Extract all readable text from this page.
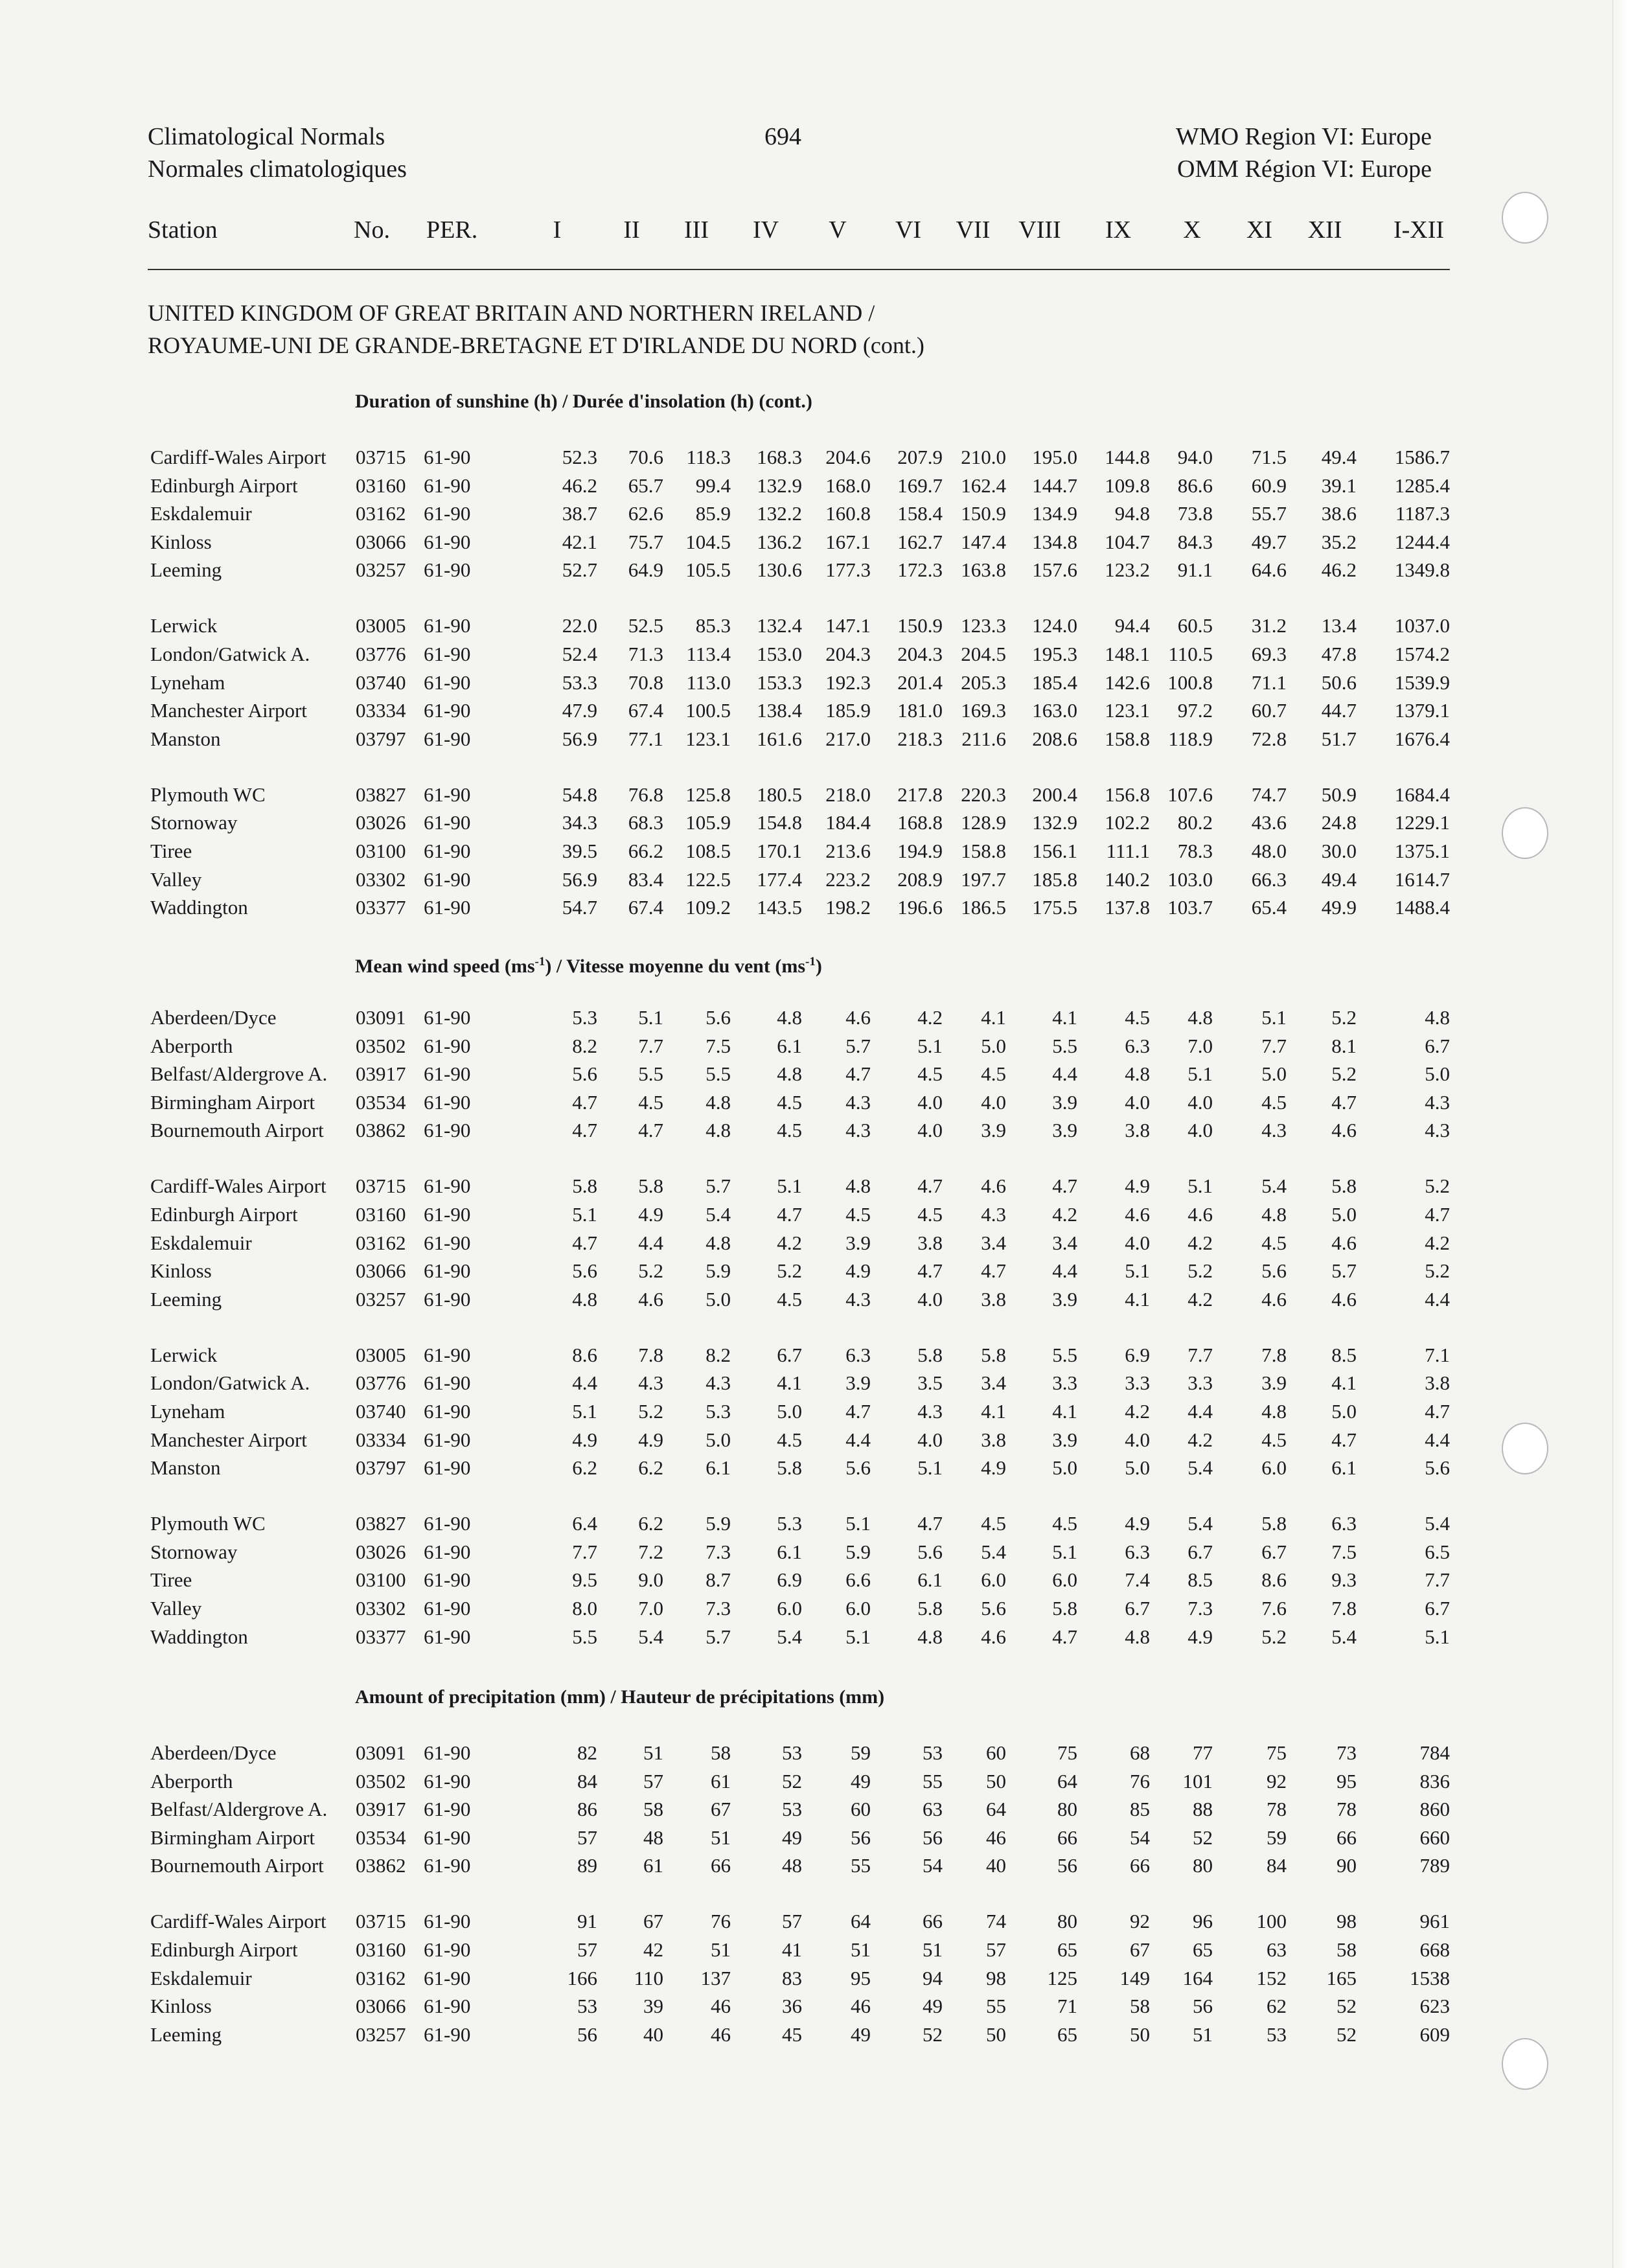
Climatological Normals
Normales climatologiques
694	WMO Region VI: Europe
OMM Région VI: Europe
Station	No. PER.	I	II	III	IV	V	VI	VII	VIII	IX	X	XI	XII	I-XII
UNITED KINGDOM OF GREAT BRITAIN AND NORTHERN IRELAND /
ROYAUME-UNI DE GRANDE-BRETAGNE ET D'IRLANDE DU NORD (cont.)
Duration of sunshine (h) / Durée d'insolation (h) (cont.)
Cardiff-Wales Airport 03715 61-90	52.3	70.6	118.3	168.3	204.6	207.9 210.0	195.0	144.8	94.0	71.5	49.4	1586.7
Edinburgh Airport	03160 61-90	46.2	65.7	99.4	132.9	168.0	169.7 162.4	144.7	109.8	86.6	60.9	39.1	1285.4
Eskdalemuir	03162 61-90	38.7	62.6	85.9	132.2	160.8	158.4 150.9	134.9	94.8	73.8	55.7	38.6	1187.3
Kinloss	03066 61-90	42.1	75.7	104.5	136.2	167.1	162.7 147.4	134.8	104.7	84.3	49.7	35.2	1244.4
Leeming	03257 61-90	52.7	64.9	105.5	130.6	177.3	172.3 163.8	157.6	123.2	91.1	64.6	46.2	1349.8
Lerwick	03005 61-90	22.0	52.5	85.3	132.4	147.1	150.9 123.3	124.0	94.4	60.5	31.2	13.4	1037.0
London/Gatwick A. 03776 61-90	52.4	71.3	113.4	153.0	204.3	204.3 204.5	195.3	148.1 110.5	69.3	47.8	1574.2
Lyneham	03740 61-90	53.3	70.8	113.0	153.3	192.3	201.4 205.3	185.4	142.6 100.8	71.1	50.6	1539.9
Manchester Airport 03334 61-90	47.9	67.4	100.5	138.4	185.9	181.0 169.3	163.0	123.1	97.2	60.7	44.7	1379.1
Manston	03797 61-90	56.9	77.1	123.1	161.6	217.0	218.3 211.6	208.6	158.8 118.9	72.8	51.7	1676.4
Plymouth WC	03827 61-90	54.8	76.8	125.8	180.5	218.0	217.8 220.3	200.4	156.8 107.6	74.7	50.9	1684.4
Stornoway	03026 61-90	34.3	68.3	105.9	154.8	184.4	168.8 128.9	132.9	102.2	80.2	43.6	24.8	1229.1
Tiree	03100 61-90	39.5	66.2	108.5	170.1	213.6	194.9 158.8	156.1	111.1	78.3	48.0	30.0	1375.1
Valley	03302 61-90	56.9	83.4	122.5	177.4	223.2	208.9 197.7	185.8	140.2 103.0	66.3	49.4	1614.7
Waddington	03377 61-90	54.7	67.4	109.2	143.5	198.2	196.6 186.5	175.5	137.8 103.7	65.4	49.9	1488.4
Mean wind speed $(ms^{-1})$ / Vitesse moyenne du vent $(ms^{-1})$
Aberdeen/Dyce	03091 61-90	5.3	5.1	5.6	4.8	4.6	4.2	4.1	4.1	4.5	4.8	5.1	5.2	4.8
Aberporth	03502 61-90	8.2	7.7	7.5	6.1	5.7	5.1	5.0	5.5	6.3	7.0	7.7	8.1	6.7
Belfast/Aldergrove A. 03917 61-90	5.6	5.5	5.5	4.8	4.7	4.5	4.5	4.4	4.8	5.1	5.0	5.2	5.0
Birmingham Airport 03534 61-90	4.7	4.5	4.8	4.5	4.3	4.0	4.0	3.9	4.0	4.0	4.5	4.7	4.3
Bournemouth Airport 03862 61-90	4.7	4.7	4.8	4.5	4.3	4.0	3.9	3.9	3.8	4.0	4.3	4.6	4.3
Cardiff-Wales Airport 03715 61-90	5.8	5.8	5.7	5.1	4.8	4.7	4.6	4.7	4.9	5.1	5.4	5.8	5.2
Edinburgh Airport	03160 61-90	5.1	4.9	5.4	4.7	4.5	4.5	4.3	4.2	4.6	4.6	4.8	5.0	4.7
Eskdalemuir	03162 61-90	4.7	4.4	4.8	4.2	3.9	3.8	3.4	3.4	4.0	4.2	4.5	4.6	4.2
Kinloss	03066 61-90	5.6	5.2	5.9	5.2	4.9	4.7	4.7	4.4	5.1	5.2	5.6	5.7	5.2
Leeming	03257 61-90	4.8	4.6	5.0	4.5	4.3	4.0	3.8	3.9	4.1	4.2	4.6	4.6	4.4
Lerwick	03005 61-90	8.6	7.8	8.2	6.7	6.3	5.8	5.8	5.5	6.9	7.7	7.8	8.5	7.1
London/Gatwick A. 03776 61-90	4.4	4.3	4.3	4.1	3.9	3.5	3.4	3.3	3.3	3.3	3.9	4.1	3.8
Lyneham	03740 61-90	5.1	5.2	5.3	5.0	4.7	4.3	4.1	4.1	4.2	4.4	4.8	5.0	4.7
Manchester Airport 03334 61-90	4.9	4.9	5.0	4.5	4.4	4.0	3.8	3.9	4.0	4.2	4.5	4.7	4.4
Manston	03797 61-90	6.2	6.2	6.1	5.8	5.6	5.1	4.9	5.0	5.0	5.4	6.0	6.1	5.6
Plymouth WC	03827 61-90	6.4	6.2	5.9	5.3	5.1	4.7	4.5	4.5	4.9	5.4	5.8	6.3	5.4
Stornoway	03026 61-90	7.7	7.2	7.3	6.1	5.9	5.6	5.4	5.1	6.3	6.7	6.7	7.5	6.5
Tiree	03100 61-90	9.5	9.0	8.7	6.9	6.6	6.1	6.0	6.0	7.4	8.5	8.6	9.3	7.7
Valley	03302 61-90	8.0	7.0	7.3	6.0	6.0	5.8	5.6	5.8	6.7	7.3	7.6	7.8	6.7
Waddington	03377 61-90	5.5	5.4	5.7	5.4	5.1	4.8	4.6	4.7	4.8	4.9	5.2	5.4	5.1
Amount of precipitation (mm) / Hauteur de précipitations (mm)
Aberdeen/Dyce	03091 61-90	82	51	58	53	59	53	60	75	68	77	75	73	784
Aberporth	03502 61-90	84	57	61	52	49	55	50	64	76	101	92	95	836
Belfast/Aldergrove A. 03917 61-90	86	58	67	53	60	63	64	80	85	88	78	78	860
Birmingham Airport 03534 61-90	57	48	51	49	56	56	46	66	54	52	59	66	660
Bournemouth Airport 03862 61-90	89	61	66	48	55	54	40	56	66	80	84	90	789
Cardiff-Wales Airport 03715 61-90	91	67	76	57	64	66	74	80	92	96	100	98	961
Edinburgh Airport	03160 61-90	57	42	51	41	51	51	57	65	67	65	63	58	668
Eskdalemuir	03162 61-90	166	110	137	83	95	94	98	125	149	164	152	165	1538
Kinloss	03066 61-90	53	39	46	36	46	49	55	71	58	56	62	52	623
Leeming	03257 61-90	56	40	46	45	49	52	50	65	50	51	53	52	609
